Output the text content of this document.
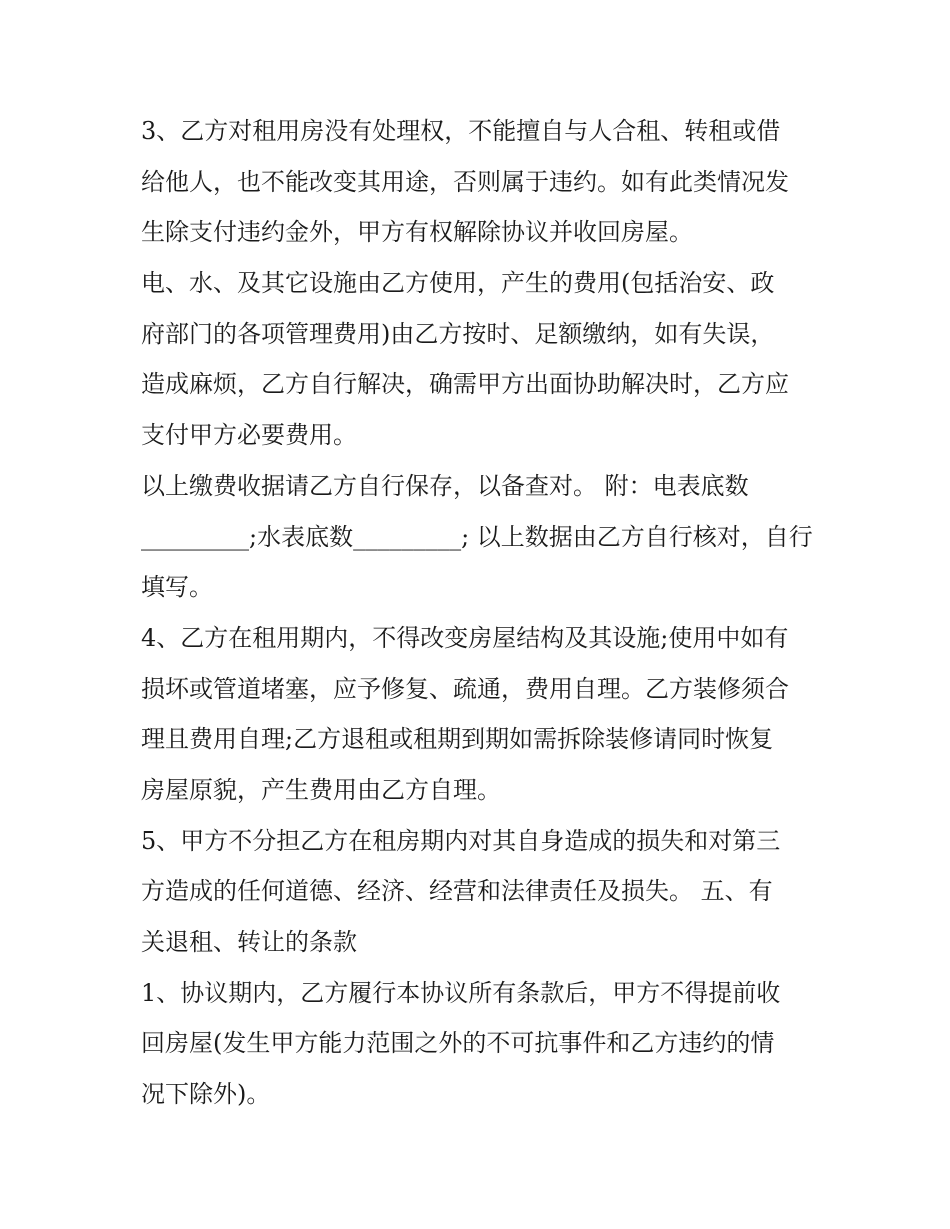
3、乙方对租用房没有处理权，不能擅自与人合租、转租或借

给他人，也不能改变其用途，否则属于违约。如有此类情况发

生除支付违约金外，甲方有权解除协议并收回房屋。

电、水、及其它设施由乙方使用，产生的费用(包括治安、政

府部门的各项管理费用)由乙方按时、足额缴纳，如有失误，

造成麻烦，乙方自行解决，确需甲方出面协助解决时，乙方应

支付甲方必要费用。

以上缴费收据请乙方自行保存，以备查对。 附：电表底数

_________;水表底数_________; 以上数据由乙方自行核对，自行

填写。

4、乙方在租用期内，不得改变房屋结构及其设施;使用中如有

损坏或管道堵塞，应予修复、疏通，费用自理。乙方装修须合

理且费用自理;乙方退租或租期到期如需拆除装修请同时恢复

房屋原貌，产生费用由乙方自理。

5、甲方不分担乙方在租房期内对其自身造成的损失和对第三

方造成的任何道德、经济、经营和法律责任及损失。 五、有

关退租、转让的条款

1、协议期内，乙方履行本协议所有条款后，甲方不得提前收

回房屋(发生甲方能力范围之外的不可抗事件和乙方违约的情

况下除外)。
